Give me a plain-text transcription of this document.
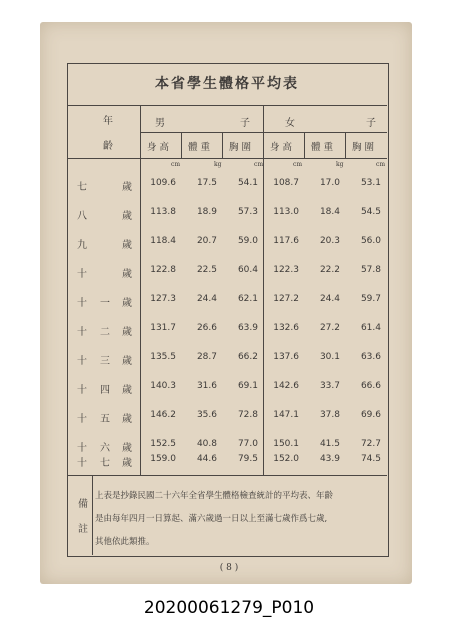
本省學生體格平均表
年
齡
男	子	女	子
身高 體重 胸圍 身高 體重 胸圍
cm	kg	cm	cm	kg	cm
七	歲	109.6	17.5	54.1	108.7	17.0	53.1
八	歲	113.8	18.9	57.3	113.0	18.4	54.5
九	歲	118.4	20.7	59.0	117.6	20.3	56.0
十	歲	122.8	22.5	60.4	122.3	22.2	57.8
十 一 歲	127.3	24.4	62.1	127.2	24.4	59.7
十 二 歲	131.7	26.6	63.9	132.6	27.2	61.4
十 三 歲	135.5	28.7	66.2	137.6	30.1	63.6
十 四 歲	140.3	31.6	69.1	142.6	33.7	66.6
十 五 歲	146.2	35.6	72.8	147.1	37.8	69.6
十 六 歲	152.5	40.8	77.0	150.1	41.5	72.7
十 七 歲	159.0	44.6	79.5	152.0	43.9	74.5
備
註
上表是抄錄民國二十六年全省學生體格檢査統計的平均表、年齡
是由每年四月一日算起、滿六歲過一日以上至滿七歲作爲七歲,
其他依此類推。
( 8 )
20200061279_P010
